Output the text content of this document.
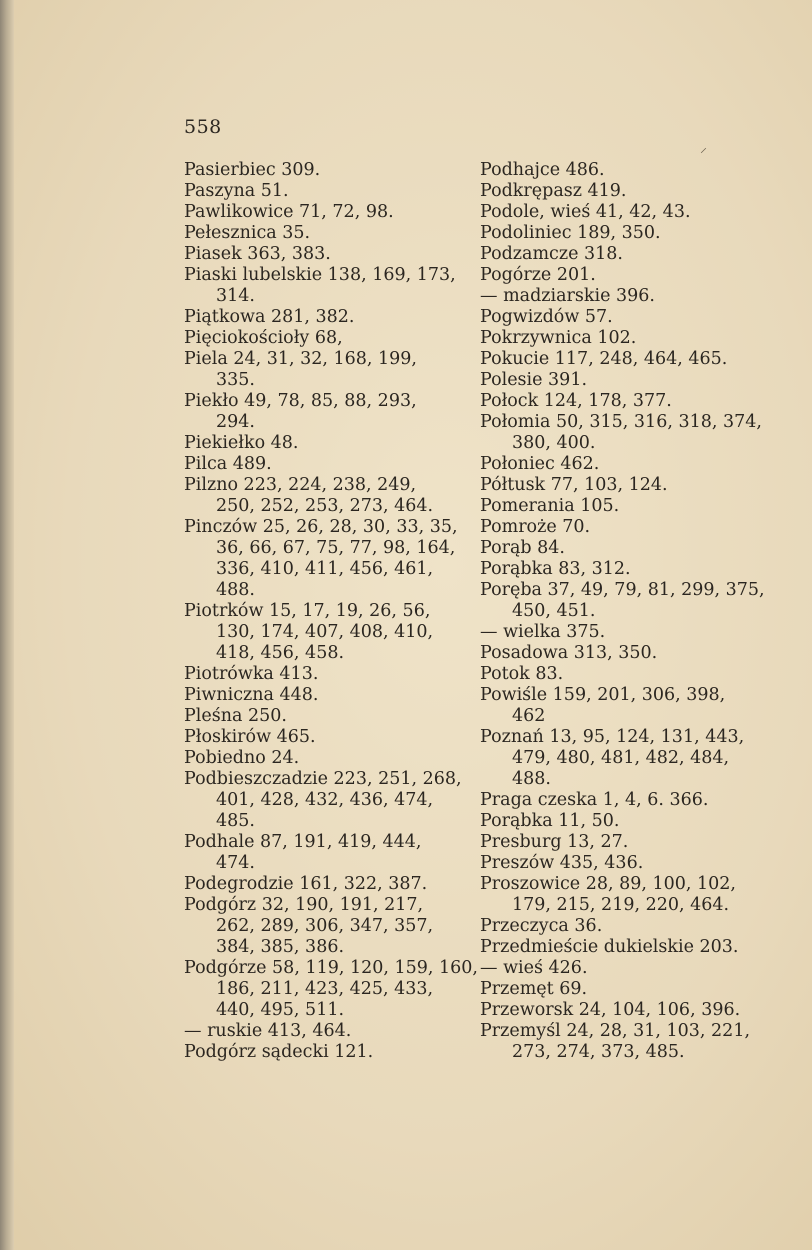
558
⸝
Pasierbiec 309.
Paszyna 51.
Pawlikowice 71, 72, 98.
Pełesznica 35.
Piasek 363, 383.
Piaski lubelskie 138, 169, 173,
314.
Piątkowa 281, 382.
Pięciokościoły 68,
Piela 24, 31, 32, 168, 199,
335.
Piekło 49, 78, 85, 88, 293,
294.
Piekiełko 48.
Pilca 489.
Pilzno 223, 224, 238, 249,
250, 252, 253, 273, 464.
Pinczów 25, 26, 28, 30, 33, 35,
36, 66, 67, 75, 77, 98, 164,
336, 410, 411, 456, 461,
488.
Piotrków 15, 17, 19, 26, 56,
130, 174, 407, 408, 410,
418, 456, 458.
Piotrówka 413.
Piwniczna 448.
Pleśna 250.
Płoskirów 465.
Pobiedno 24.
Podbieszczadzie 223, 251, 268,
401, 428, 432, 436, 474,
485.
Podhale 87, 191, 419, 444,
474.
Podegrodzie 161, 322, 387.
Podgórz 32, 190, 191, 217,
262, 289, 306, 347, 357,
384, 385, 386.
Podgórze 58, 119, 120, 159, 160,
186, 211, 423, 425, 433,
440, 495, 511.
— ruskie 413, 464.
Podgórz sądecki 121.
Podhajce 486.
Podkrępasz 419.
Podole, wieś 41, 42, 43.
Podoliniec 189, 350.
Podzamcze 318.
Pogórze 201.
— madziarskie 396.
Pogwizdów 57.
Pokrzywnica 102.
Pokucie 117, 248, 464, 465.
Polesie 391.
Połock 124, 178, 377.
Połomia 50, 315, 316, 318, 374,
380, 400.
Połoniec 462.
Półtusk 77, 103, 124.
Pomerania 105.
Pomroże 70.
Porąb 84.
Porąbka 83, 312.
Poręba 37, 49, 79, 81, 299, 375,
450, 451.
— wielka 375.
Posadowa 313, 350.
Potok 83.
Powiśle 159, 201, 306, 398,
462
Poznań 13, 95, 124, 131, 443,
479, 480, 481, 482, 484,
488.
Praga czeska 1, 4, 6. 366.
Porąbka 11, 50.
Presburg 13, 27.
Preszów 435, 436.
Proszowice 28, 89, 100, 102,
179, 215, 219, 220, 464.
Przeczyca 36.
Przedmieście dukielskie 203.
— wieś 426.
Przemęt 69.
Przeworsk 24, 104, 106, 396.
Przemyśl 24, 28, 31, 103, 221,
273, 274, 373, 485.
